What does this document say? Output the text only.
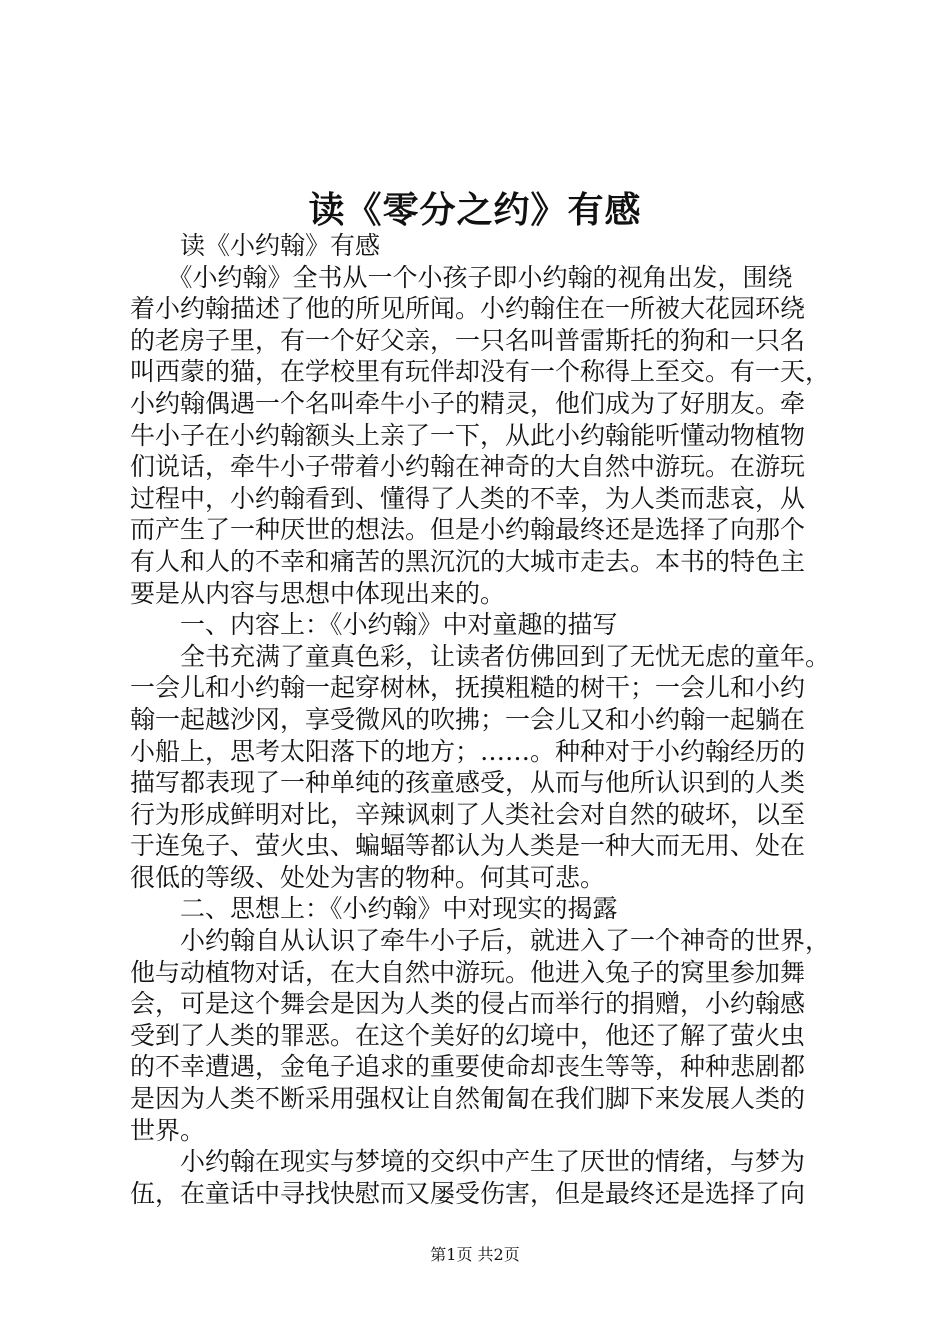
读《零分之约》有感
　　读《小约翰》有感
　　《小约翰》全书从一个小孩子即小约翰的视角出发，围绕
着小约翰描述了他的所见所闻。小约翰住在一所被大花园环绕
的老房子里，有一个好父亲，一只名叫普雷斯托的狗和一只名
叫西蒙的猫，在学校里有玩伴却没有一个称得上至交。有一天，
小约翰偶遇一个名叫牵牛小子的精灵，他们成为了好朋友。牵
牛小子在小约翰额头上亲了一下，从此小约翰能听懂动物植物
们说话，牵牛小子带着小约翰在神奇的大自然中游玩。在游玩
过程中，小约翰看到、懂得了人类的不幸，为人类而悲哀，从
而产生了一种厌世的想法。但是小约翰最终还是选择了向那个
有人和人的不幸和痛苦的黑沉沉的大城市走去。本书的特色主
要是从内容与思想中体现出来的。
　　一、内容上：《小约翰》中对童趣的描写
　　全书充满了童真色彩，让读者仿佛回到了无忧无虑的童年。
一会儿和小约翰一起穿树林，抚摸粗糙的树干；一会儿和小约
翰一起越沙冈，享受微风的吹拂；一会儿又和小约翰一起躺在
小船上，思考太阳落下的地方；……。种种对于小约翰经历的
描写都表现了一种单纯的孩童感受，从而与他所认识到的人类
行为形成鲜明对比，辛辣讽刺了人类社会对自然的破坏，以至
于连兔子、萤火虫、蝙蝠等都认为人类是一种大而无用、处在
很低的等级、处处为害的物种。何其可悲。
　　二、思想上：《小约翰》中对现实的揭露
　　小约翰自从认识了牵牛小子后，就进入了一个神奇的世界，
他与动植物对话，在大自然中游玩。他进入兔子的窝里参加舞
会，可是这个舞会是因为人类的侵占而举行的捐赠，小约翰感
受到了人类的罪恶。在这个美好的幻境中，他还了解了萤火虫
的不幸遭遇，金龟子追求的重要使命却丧生等等，种种悲剧都
是因为人类不断采用强权让自然匍匐在我们脚下来发展人类的
世界。
　　小约翰在现实与梦境的交织中产生了厌世的情绪，与梦为
伍，在童话中寻找快慰而又屡受伤害，但是最终还是选择了向
第1页 共2页
